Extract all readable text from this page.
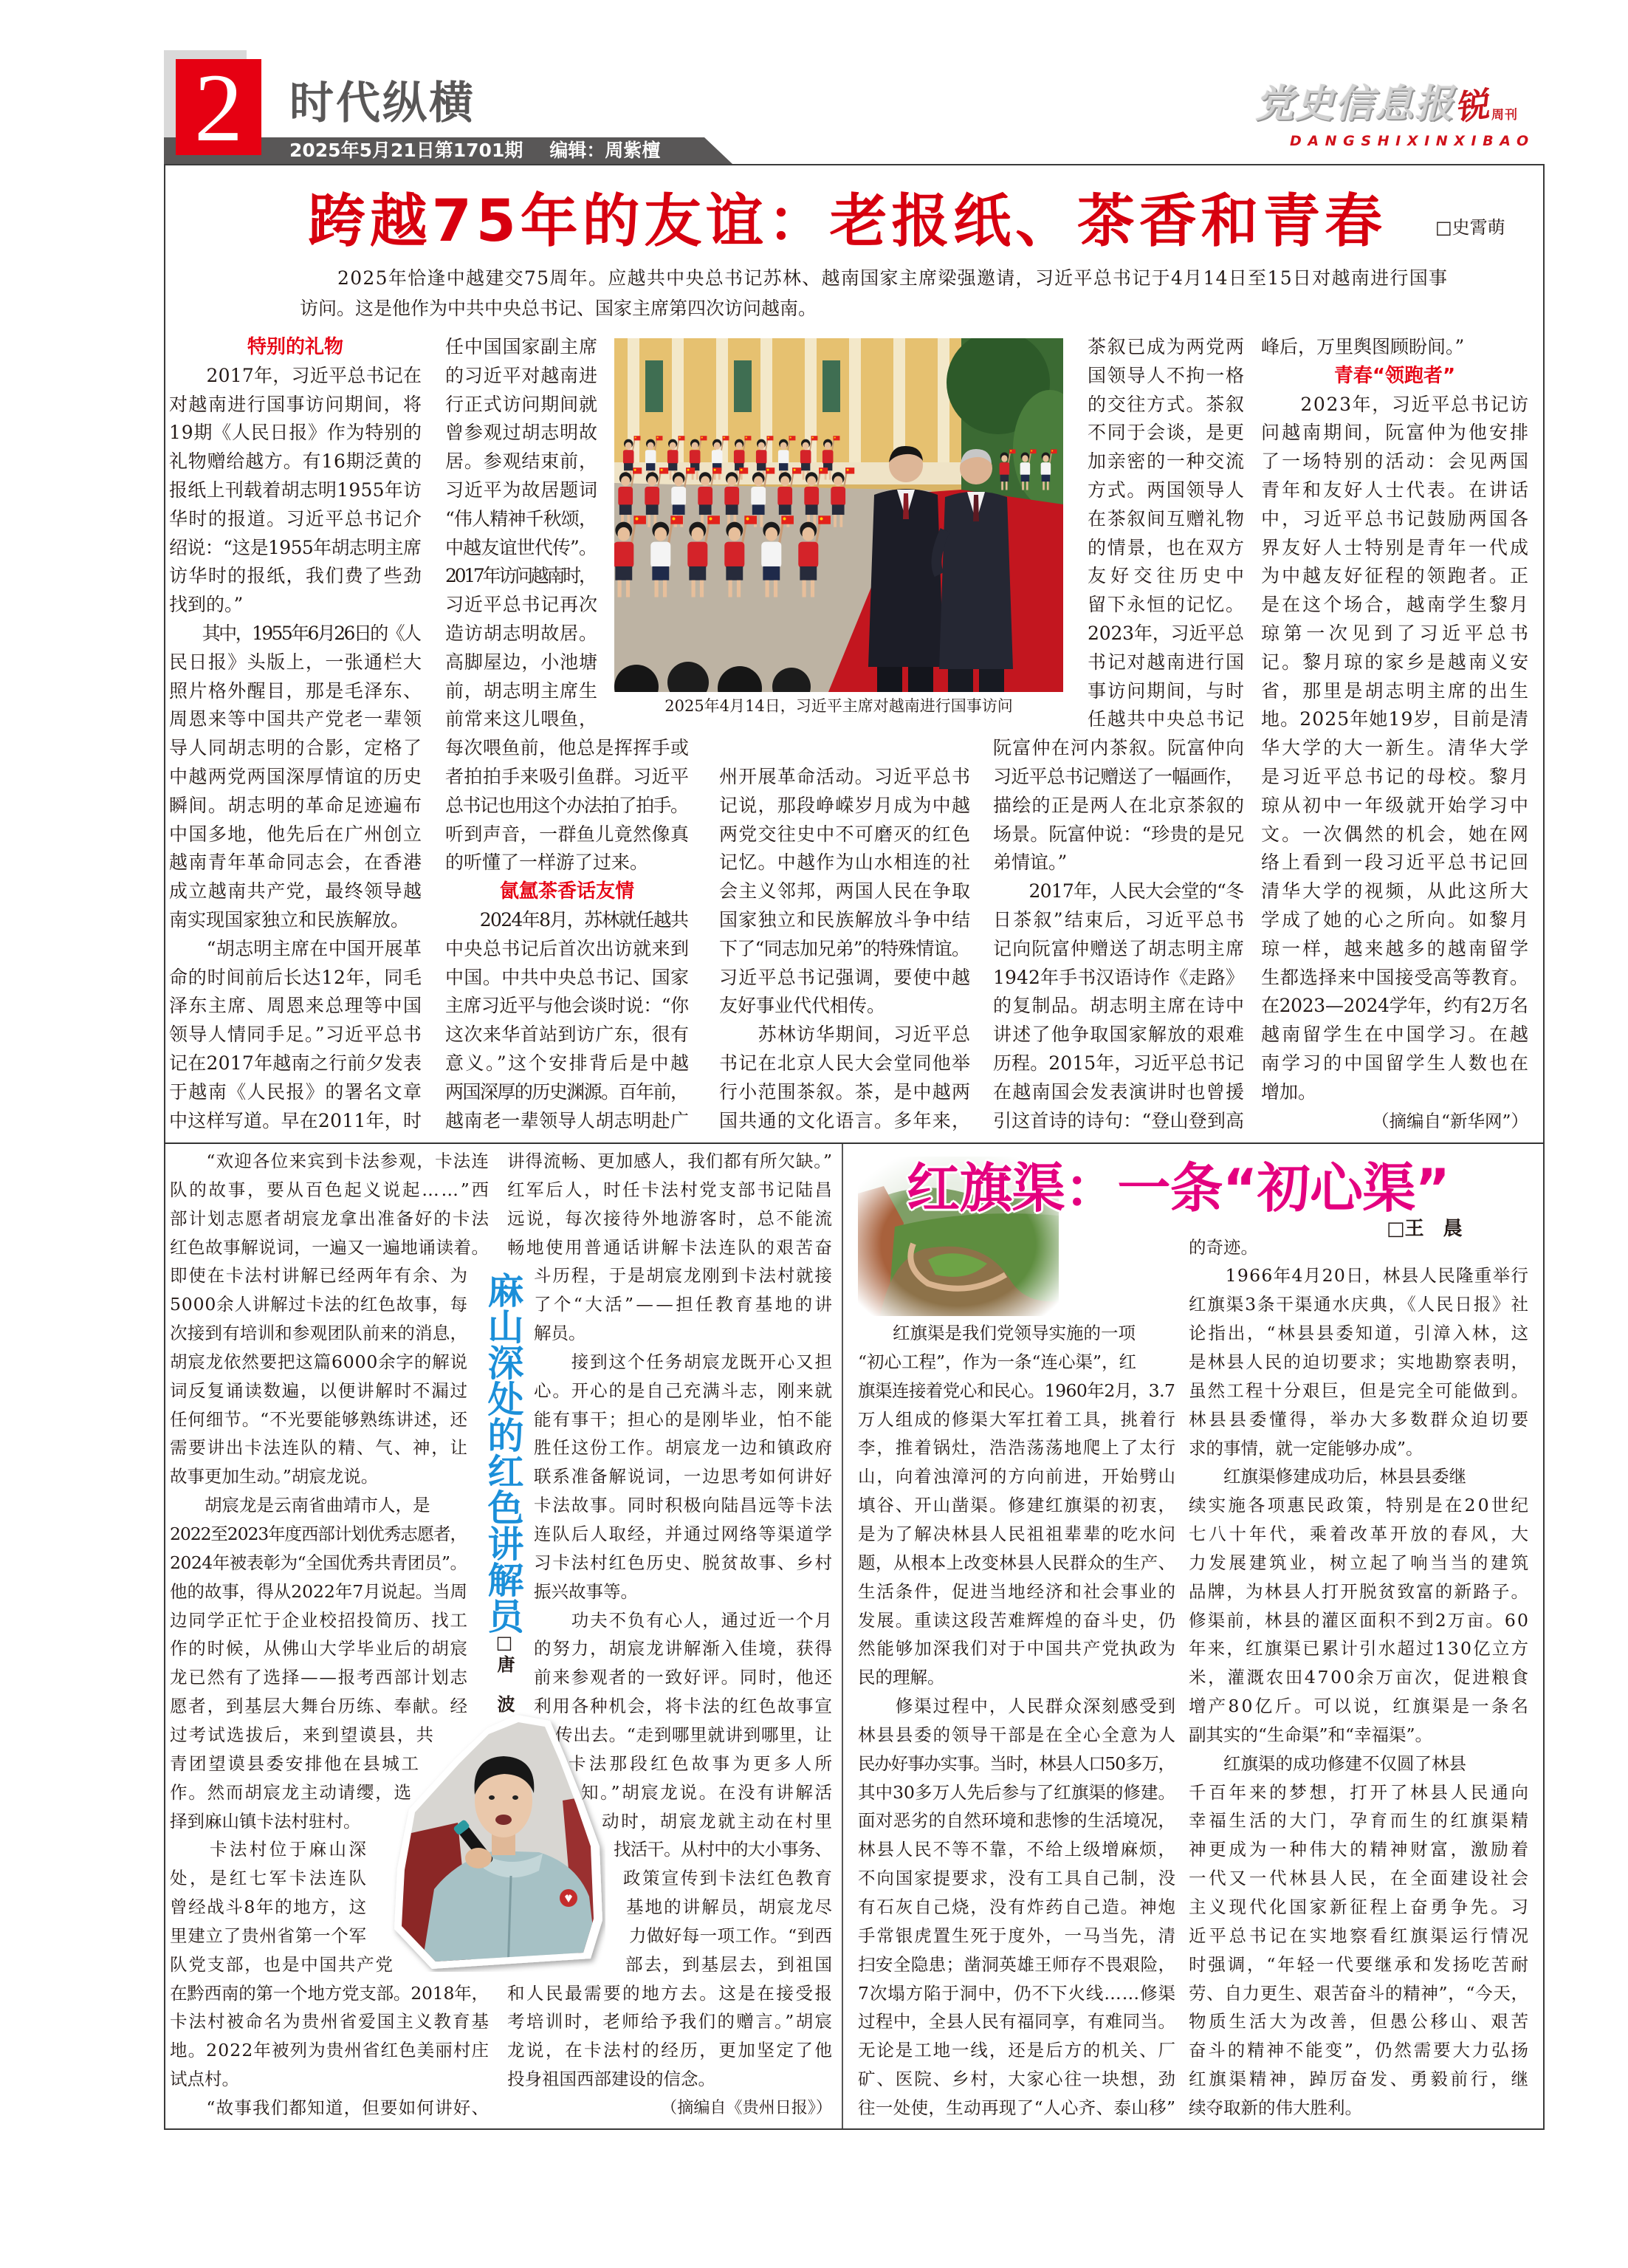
2	时代纵横
2025年5月21日第1701期 编辑：周紫檀
党史信息报
锐 周刊
DANGSHIXINXIBAO
跨越75年的友谊：老报纸、茶香和青春	□史霄萌
2025年恰逢中越建交75周年。应越共中央总书记苏林、越南国家主席梁强邀请，习近平总书记于4月14日至15日对越南进行国事
访问。这是他作为中共中央总书记、国家主席第四次访问越南。
2025年4月14日，习近平主席对越南进行国事访问
特别的礼物
　　2017年，习近平总书记在
对越南进行国事访问期间，将
19期《人民日报》作为特别的
礼物赠给越方。有16期泛黄的
报纸上刊载着胡志明1955年访
华时的报道。习近平总书记介
绍说：“这是1955年胡志明主席
访华时的报纸，我们费了些劲
找到的。”
　　其中，1955年6月26日的《人
民日报》头版上，一张通栏大
照片格外醒目，那是毛泽东、
周恩来等中国共产党老一辈领
导人同胡志明的合影，定格了
中越两党两国深厚情谊的历史
瞬间。胡志明的革命足迹遍布
中国多地，他先后在广州创立
越南青年革命同志会，在香港
成立越南共产党，最终领导越
南实现国家独立和民族解放。
　　“胡志明主席在中国开展革
命的时间前后长达12年，同毛
泽东主席、周恩来总理等中国
领导人情同手足。”习近平总书
记在2017年越南之行前夕发表
于越南《人民报》的署名文章
中这样写道。早在2011年，时
任中国国家副主席
的习近平对越南进
行正式访问期间就
曾参观过胡志明故
居。参观结束前，
习近平为故居题词
“伟人精神千秋颂，
中越友谊世代传”。
2017年访问越南时，
习近平总书记再次
造访胡志明故居。
高脚屋边，小池塘
前，胡志明主席生
前常来这儿喂鱼，
每次喂鱼前，他总是挥挥手或
者拍拍手来吸引鱼群。习近平
总书记也用这个办法拍了拍手。
听到声音，一群鱼儿竟然像真
的听懂了一样游了过来。
氤氲茶香话友情
　　2024年8月，苏林就任越共
中央总书记后首次出访就来到
中国。中共中央总书记、国家
主席习近平与他会谈时说：“你
这次来华首站到访广东，很有
意义。”这个安排背后是中越
两国深厚的历史渊源。百年前，
越南老一辈领导人胡志明赴广
州开展革命活动。习近平总书
记说，那段峥嵘岁月成为中越
两党交往史中不可磨灭的红色
记忆。中越作为山水相连的社
会主义邻邦，两国人民在争取
国家独立和民族解放斗争中结
下了“同志加兄弟”的特殊情谊。
习近平总书记强调，要使中越
友好事业代代相传。
　　苏林访华期间，习近平总
书记在北京人民大会堂同他举
行小范围茶叙。茶，是中越两
国共通的文化语言。多年来，
茶叙已成为两党两
国领导人不拘一格
的交往方式。茶叙
不同于会谈，是更
加亲密的一种交流
方式。两国领导人
在茶叙间互赠礼物
的情景，也在双方
友好交往历史中
留下永恒的记忆。
2023年，习近平总
书记对越南进行国
事访问期间，与时
任越共中央总书记
阮富仲在河内茶叙。阮富仲向
习近平总书记赠送了一幅画作，
描绘的正是两人在北京茶叙的
场景。阮富仲说：“珍贵的是兄
弟情谊。”
　　2017年，人民大会堂的“冬
日茶叙”结束后，习近平总书
记向阮富仲赠送了胡志明主席
1942年手书汉语诗作《走路》
的复制品。胡志明主席在诗中
讲述了他争取国家解放的艰难
历程。2015年，习近平总书记
在越南国会发表演讲时也曾援
引这首诗的诗句：“登山登到高
峰后，万里舆图顾盼间。”
青春“领跑者”
　　2023年，习近平总书记访
问越南期间，阮富仲为他安排
了一场特别的活动：会见两国
青年和友好人士代表。在讲话
中，习近平总书记鼓励两国各
界友好人士特别是青年一代成
为中越友好征程的领跑者。正
是在这个场合，越南学生黎月
琼第一次见到了习近平总书
记。黎月琼的家乡是越南义安
省，那里是胡志明主席的出生
地。2025年她19岁，目前是清
华大学的大一新生。清华大学
是习近平总书记的母校。黎月
琼从初中一年级就开始学习中
文。一次偶然的机会，她在网
络上看到一段习近平总书记回
清华大学的视频，从此这所大
学成了她的心之所向。如黎月
琼一样，越来越多的越南留学
生都选择来中国接受高等教育。
在2023—2024学年，约有2万名
越南留学生在中国学习。在越
南学习的中国留学生人数也在
增加。
（摘编自“新华网”）
麻山深处的红色讲解员
□唐　波
　　“欢迎各位来宾到卡法参观，卡法连
队的故事，要从百色起义说起……”西
部计划志愿者胡宸龙拿出准备好的卡法
红色故事解说词，一遍又一遍地诵读着。
即使在卡法村讲解已经两年有余、为
5000余人讲解过卡法的红色故事，每
次接到有培训和参观团队前来的消息，
胡宸龙依然要把这篇6000余字的解说
词反复诵读数遍，以便讲解时不漏过
任何细节。“不光要能够熟练讲述，还
需要讲出卡法连队的精、气、神，让
故事更加生动。”胡宸龙说。
　　胡宸龙是云南省曲靖市人，是
2022至2023年度西部计划优秀志愿者，
2024年被表彰为“全国优秀共青团员”。
他的故事，得从2022年7月说起。当周
边同学正忙于企业校招投简历、找工
作的时候，从佛山大学毕业后的胡宸
龙已然有了选择——报考西部计划志
愿者，到基层大舞台历练、奉献。经
过考试选拔后，来到望谟县，共
青团望谟县委安排他在县城工
作。然而胡宸龙主动请缨，选
择到麻山镇卡法村驻村。
　　卡法村位于麻山深
处，是红七军卡法连队
曾经战斗8年的地方，这
里建立了贵州省第一个军
队党支部，也是中国共产党
在黔西南的第一个地方党支部。2018年，
卡法村被命名为贵州省爱国主义教育基
地。2022年被列为贵州省红色美丽村庄
试点村。
　　“故事我们都知道，但要如何讲好、
讲得流畅、更加感人，我们都有所欠缺。”
红军后人，时任卡法村党支部书记陆昌
远说，每次接待外地游客时，总不能流
畅地使用普通话讲解卡法连队的艰苦奋
斗历程，于是胡宸龙刚到卡法村就接
了个“大活”——担任教育基地的讲
解员。
　　接到这个任务胡宸龙既开心又担
心。开心的是自己充满斗志，刚来就
能有事干；担心的是刚毕业，怕不能
胜任这份工作。胡宸龙一边和镇政府
联系准备解说词，一边思考如何讲好
卡法故事。同时积极向陆昌远等卡法
连队后人取经，并通过网络等渠道学
习卡法村红色历史、脱贫故事、乡村
振兴故事等。
　　功夫不负有心人，通过近一个月
的努力，胡宸龙讲解渐入佳境，获得
前来参观者的一致好评。同时，他还
利用各种机会，将卡法的红色故事宣
传出去。“走到哪里就讲到哪里，让
卡法那段红色故事为更多人所
知。”胡宸龙说。在没有讲解活
动时，胡宸龙就主动在村里
找活干。从村中的大小事务、
政策宣传到卡法红色教育
基地的讲解员，胡宸龙尽
力做好每一项工作。“到西
部去，到基层去，到祖国
和人民最需要的地方去。这是在接受报
考培训时，老师给予我们的赠言。”胡宸
龙说，在卡法村的经历，更加坚定了他
投身祖国西部建设的信念。
（摘编自《贵州日报》）
红旗渠：一条“初心渠”
□王　晨
　　红旗渠是我们党领导实施的一项
“初心工程”，作为一条“连心渠”，红
旗渠连接着党心和民心。1960年2月，3.7
万人组成的修渠大军扛着工具，挑着行
李，推着锅灶，浩浩荡荡地爬上了太行
山，向着浊漳河的方向前进，开始劈山
填谷、开山凿渠。修建红旗渠的初衷，
是为了解决林县人民祖祖辈辈的吃水问
题，从根本上改变林县人民群众的生产、
生活条件，促进当地经济和社会事业的
发展。重读这段苦难辉煌的奋斗史，仍
然能够加深我们对于中国共产党执政为
民的理解。
　　修渠过程中，人民群众深刻感受到
林县县委的领导干部是在全心全意为人
民办好事办实事。当时，林县人口50多万，
其中30多万人先后参与了红旗渠的修建。
面对恶劣的自然环境和悲惨的生活境况，
林县人民不等不靠，不给上级增麻烦，
不向国家提要求，没有工具自己制，没
有石灰自己烧，没有炸药自己造。神炮
手常银虎置生死于度外，一马当先，清
扫安全隐患；凿洞英雄王师存不畏艰险，
7次塌方陷于洞中，仍不下火线……修渠
过程中，全县人民有福同享，有难同当。
无论是工地一线，还是后方的机关、厂
矿、医院、乡村，大家心往一块想，劲
往一处使，生动再现了“人心齐、泰山移”
的奇迹。
　　1966年4月20日，林县人民隆重举行
红旗渠3条干渠通水庆典，《人民日报》社
论指出，“林县县委知道，引漳入林，这
是林县人民的迫切要求；实地勘察表明，
虽然工程十分艰巨，但是完全可能做到。
林县县委懂得，举办大多数群众迫切要
求的事情，就一定能够办成”。
　　红旗渠修建成功后，林县县委继
续实施各项惠民政策，特别是在20世纪
七八十年代，乘着改革开放的春风，大
力发展建筑业，树立起了响当当的建筑
品牌，为林县人打开脱贫致富的新路子。
修渠前，林县的灌区面积不到2万亩。60
年来，红旗渠已累计引水超过130亿立方
米，灌溉农田4700余万亩次，促进粮食
增产80亿斤。可以说，红旗渠是一条名
副其实的“生命渠”和“幸福渠”。
　　红旗渠的成功修建不仅圆了林县
千百年来的梦想，打开了林县人民通向
幸福生活的大门，孕育而生的红旗渠精
神更成为一种伟大的精神财富，激励着
一代又一代林县人民，在全面建设社会
主义现代化国家新征程上奋勇争先。习
近平总书记在实地察看红旗渠运行情况
时强调，“年轻一代要继承和发扬吃苦耐
劳、自力更生、艰苦奋斗的精神”，“今天，
物质生活大为改善，但愚公移山、艰苦
奋斗的精神不能变”，仍然需要大力弘扬
红旗渠精神，踔厉奋发、勇毅前行，继
续夺取新的伟大胜利。
